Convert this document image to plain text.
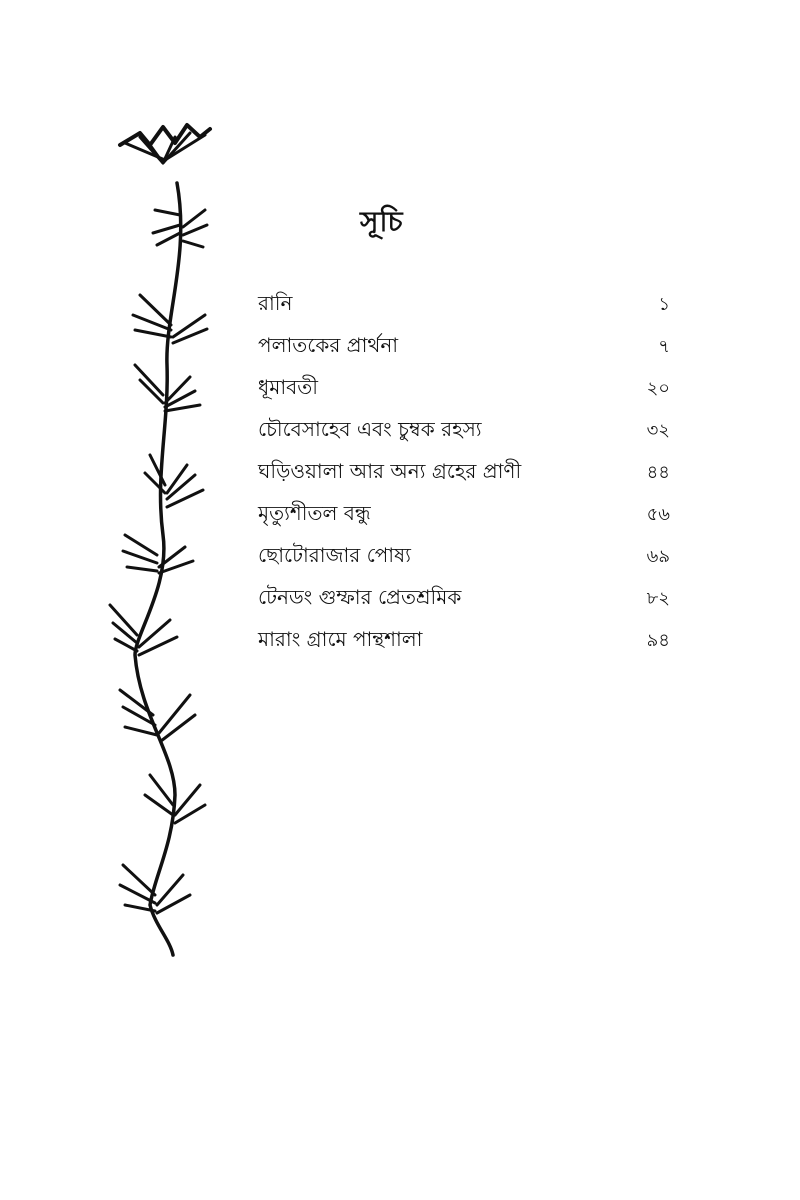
সূচি
রানি	১
পলাতকের প্রার্থনা	৭
ধূমাবতী	২০
চৌবেসাহেব এবং চুম্বক রহস্য	৩২
ঘড়িওয়ালা আর অন্য গ্রহের প্রাণী	৪৪
মৃত্যুশীতল বন্ধু	৫৬
ছোটোরাজার পোষ্য	৬৯
টেনডং গুম্ফার প্রেতশ্রমিক	৮২
মারাং গ্রামে পান্থশালা	৯৪
